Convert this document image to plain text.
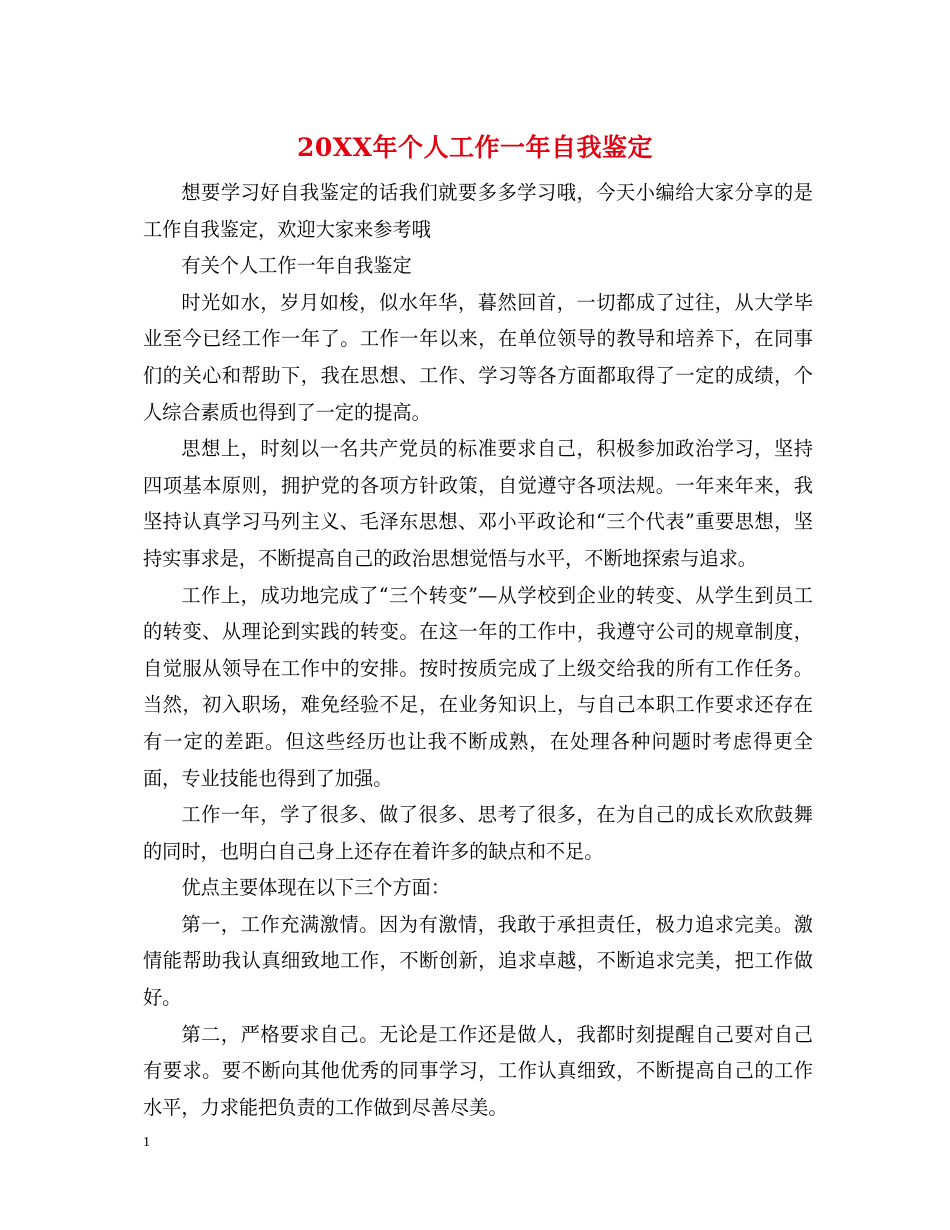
20XX年个人工作一年自我鉴定

想要学习好自我鉴定的话我们就要多多学习哦，今天小编给大家分享的是工作自我鉴定，欢迎大家来参考哦

有关个人工作一年自我鉴定

时光如水，岁月如梭，似水年华，暮然回首，一切都成了过往，从大学毕业至今已经工作一年了。工作一年以来，在单位领导的教导和培养下，在同事们的关心和帮助下，我在思想、工作、学习等各方面都取得了一定的成绩，个人综合素质也得到了一定的提高。

思想上，时刻以一名共产党员的标准要求自己，积极参加政治学习，坚持四项基本原则，拥护党的各项方针政策，自觉遵守各项法规。一年来年来，我坚持认真学习马列主义、毛泽东思想、邓小平政论和“三个代表”重要思想，坚持实事求是，不断提高自己的政治思想觉悟与水平，不断地探索与追求。

工作上，成功地完成了“三个转变”—从学校到企业的转变、从学生到员工的转变、从理论到实践的转变。在这一年的工作中，我遵守公司的规章制度，自觉服从领导在工作中的安排。按时按质完成了上级交给我的所有工作任务。当然，初入职场，难免经验不足，在业务知识上，与自己本职工作要求还存在有一定的差距。但这些经历也让我不断成熟，在处理各种问题时考虑得更全面，专业技能也得到了加强。

工作一年，学了很多、做了很多、思考了很多，在为自己的成长欢欣鼓舞的同时，也明白自己身上还存在着许多的缺点和不足。

优点主要体现在以下三个方面：

第一，工作充满激情。因为有激情，我敢于承担责任，极力追求完美。激情能帮助我认真细致地工作，不断创新，追求卓越，不断追求完美，把工作做好。

第二，严格要求自己。无论是工作还是做人，我都时刻提醒自己要对自己有要求。要不断向其他优秀的同事学习，工作认真细致，不断提高自己的工作水平，力求能把负责的工作做到尽善尽美。

1
